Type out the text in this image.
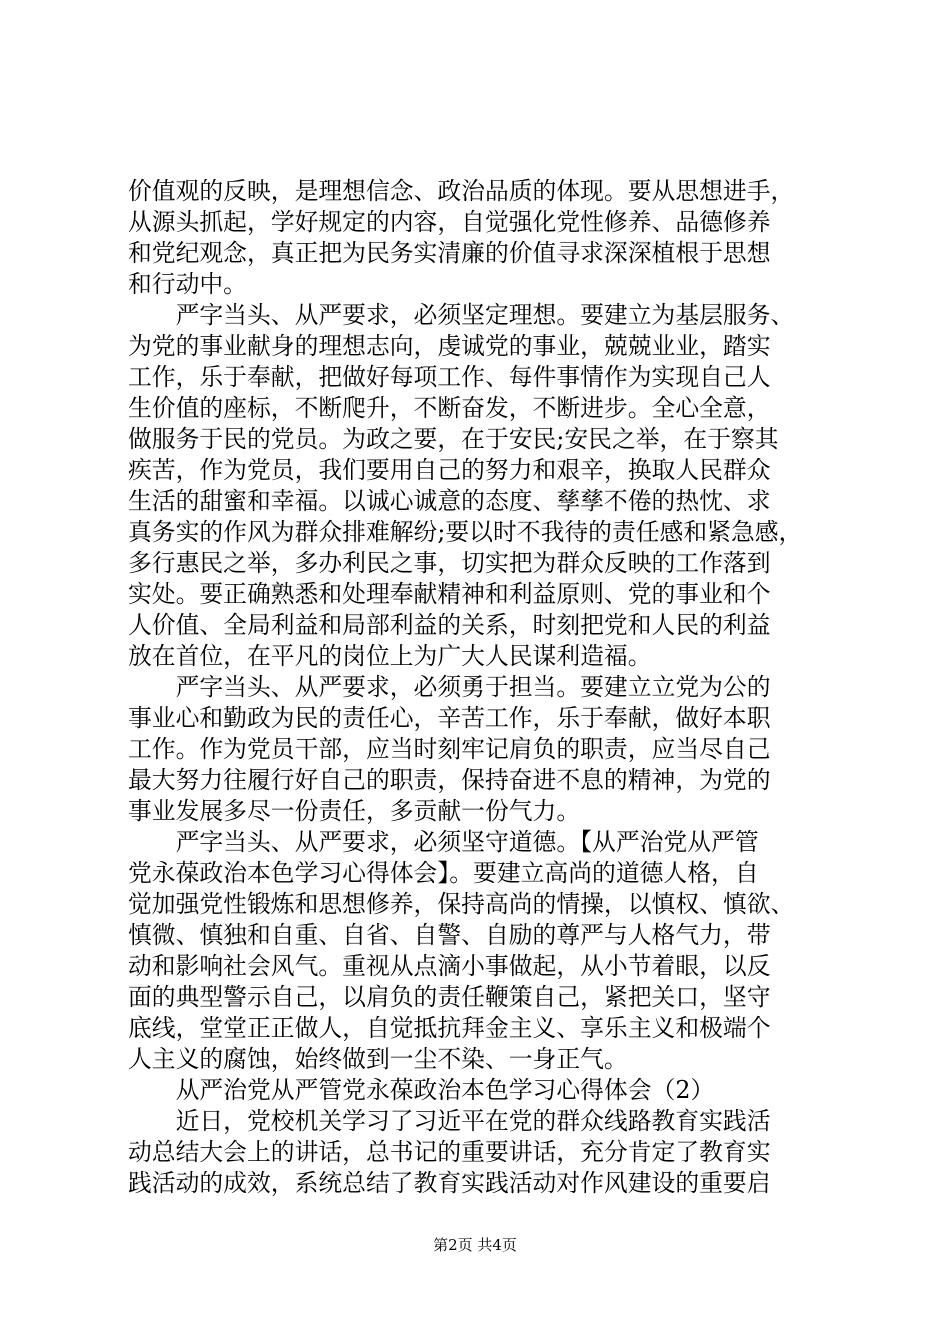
价值观的反映，是理想信念、政治品质的体现。要从思想进手，
从源头抓起，学好规定的内容，自觉强化党性修养、品德修养
和党纪观念，真正把为民务实清廉的价值寻求深深植根于思想
和行动中。
　　严字当头、从严要求，必须坚定理想。要建立为基层服务、
为党的事业献身的理想志向，虔诚党的事业，兢兢业业，踏实
工作，乐于奉献，把做好每项工作、每件事情作为实现自己人
生价值的座标，不断爬升，不断奋发，不断进步。全心全意，
做服务于民的党员。为政之要，在于安民;安民之举，在于察其
疾苦，作为党员，我们要用自己的努力和艰辛，换取人民群众
生活的甜蜜和幸福。以诚心诚意的态度、孳孳不倦的热忱、求
真务实的作风为群众排难解纷;要以时不我待的责任感和紧急感，
多行惠民之举，多办利民之事，切实把为群众反映的工作落到
实处。要正确熟悉和处理奉献精神和利益原则、党的事业和个
人价值、全局利益和局部利益的关系，时刻把党和人民的利益
放在首位，在平凡的岗位上为广大人民谋利造福。
　　严字当头、从严要求，必须勇于担当。要建立立党为公的
事业心和勤政为民的责任心，辛苦工作，乐于奉献，做好本职
工作。作为党员干部，应当时刻牢记肩负的职责，应当尽自己
最大努力往履行好自己的职责，保持奋进不息的精神，为党的
事业发展多尽一份责任，多贡献一份气力。
　　严字当头、从严要求，必须坚守道德。【从严治党从严管
党永葆政治本色学习心得体会】。要建立高尚的道德人格，自
觉加强党性锻炼和思想修养，保持高尚的情操，以慎权、慎欲、
慎微、慎独和自重、自省、自警、自励的尊严与人格气力，带
动和影响社会风气。重视从点滴小事做起，从小节着眼，以反
面的典型警示自己，以肩负的责任鞭策自己，紧把关口，坚守
底线，堂堂正正做人，自觉抵抗拜金主义、享乐主义和极端个
人主义的腐蚀，始终做到一尘不染、一身正气。
　　从严治党从严管党永葆政治本色学习心得体会（2）
　　近日，党校机关学习了习近平在党的群众线路教育实践活
动总结大会上的讲话，总书记的重要讲话，充分肯定了教育实
践活动的成效，系统总结了教育实践活动对作风建设的重要启
第2页 共4页
